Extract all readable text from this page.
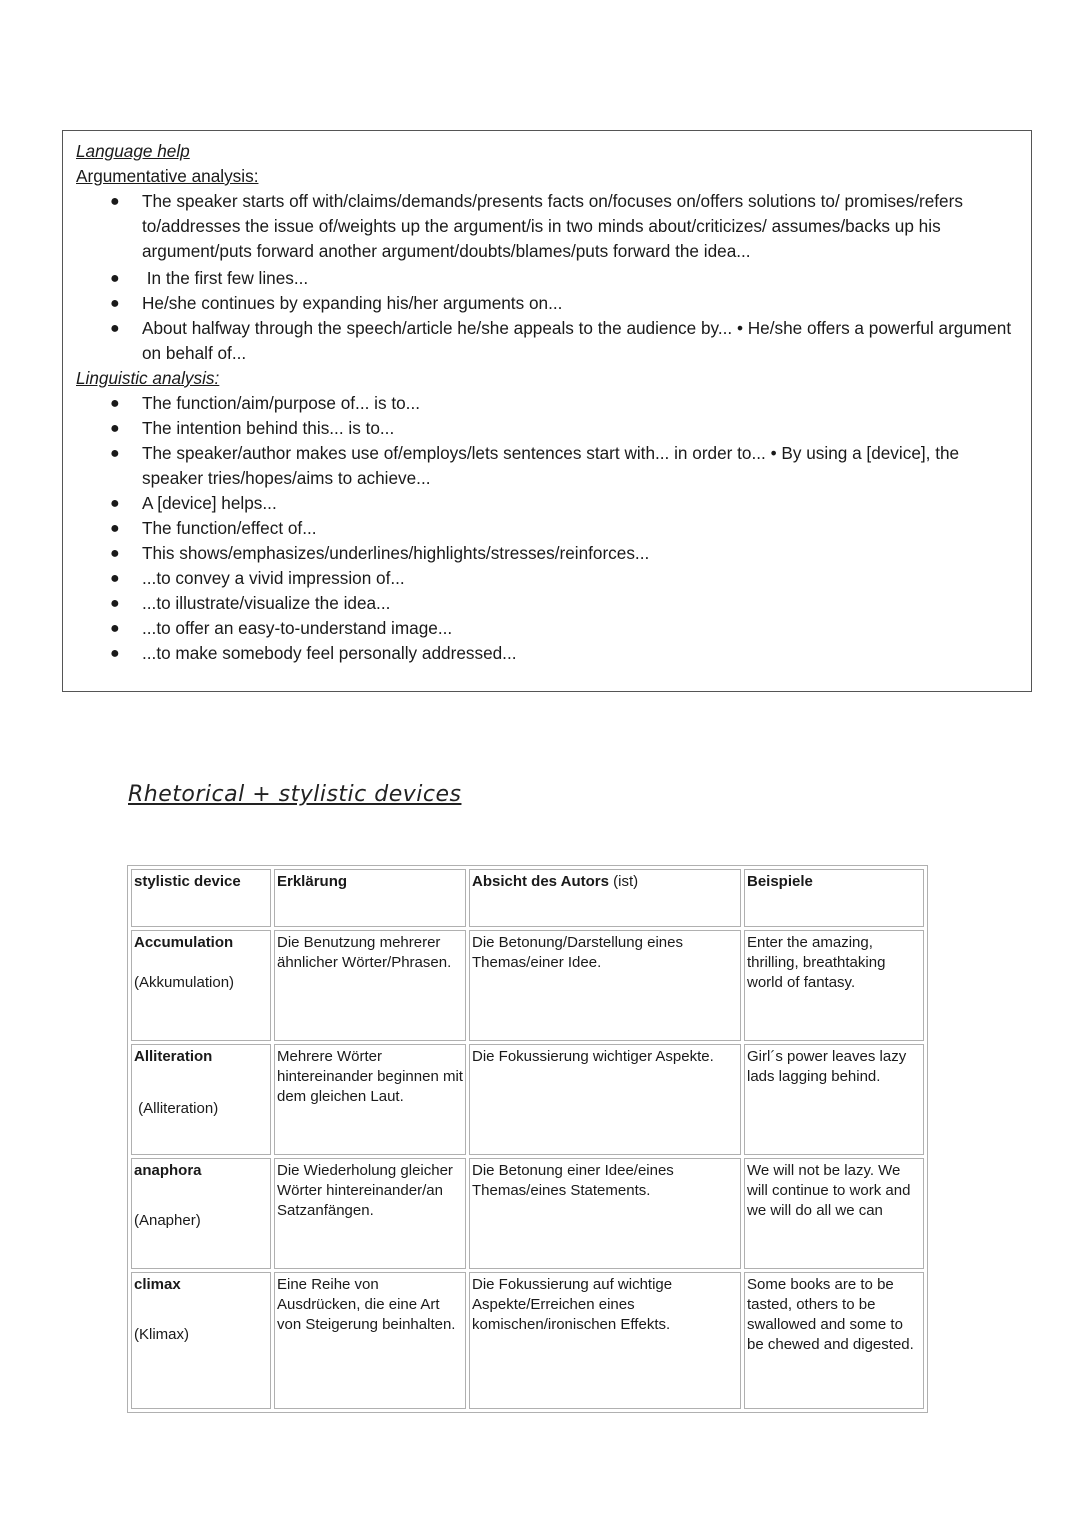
Language help

Argumentative analysis:

● The speaker starts off with/claims/demands/presents facts on/focuses on/offers solutions to/ promises/refers to/addresses the issue of/weights up the argument/is in two minds about/criticizes/ assumes/backs up his argument/puts forward another argument/doubts/blames/puts forward the idea...
● In the first few lines...
● He/she continues by expanding his/her arguments on...
● About halfway through the speech/article he/she appeals to the audience by... • He/she offers a powerful argument on behalf of...

Linguistic analysis:

● The function/aim/purpose of... is to...
● The intention behind this... is to...
● The speaker/author makes use of/employs/lets sentences start with... in order to... • By using a [device], the speaker tries/hopes/aims to achieve...
● A [device] helps...
● The function/effect of...
● This shows/emphasizes/underlines/highlights/stresses/reinforces...
● ...to convey a vivid impression of...
● ...to illustrate/visualize the idea...
● ...to offer an easy-to-understand image...
● ...to make somebody feel personally addressed...
Rhetorical + stylistic devices
stylistic device	Erklärung	Absicht des Autors (ist)	Beispiele

Accumulation
(Akkumulation)	Die Benutzung mehrerer ähnlicher Wörter/Phrasen.	Die Betonung/Darstellung eines Themas/einer Idee.	Enter the amazing, thrilling, breathtaking world of fantasy.

Alliteration
(Alliteration)	Mehrere Wörter hintereinander beginnen mit dem gleichen Laut.	Die Fokussierung wichtiger Aspekte.	Girl´s power leaves lazy lads lagging behind.

anaphora
(Anapher)	Die Wiederholung gleicher Wörter hintereinander/an Satzanfängen.	Die Betonung einer Idee/eines Themas/eines Statements.	We will not be lazy. We will continue to work and we will do all we can

climax
(Klimax)	Eine Reihe von Ausdrücken, die eine Art von Steigerung beinhalten.	Die Fokussierung auf wichtige Aspekte/Erreichen eines komischen/ironischen Effekts.	Some books are to be tasted, others to be swallowed and some to be chewed and digested.
